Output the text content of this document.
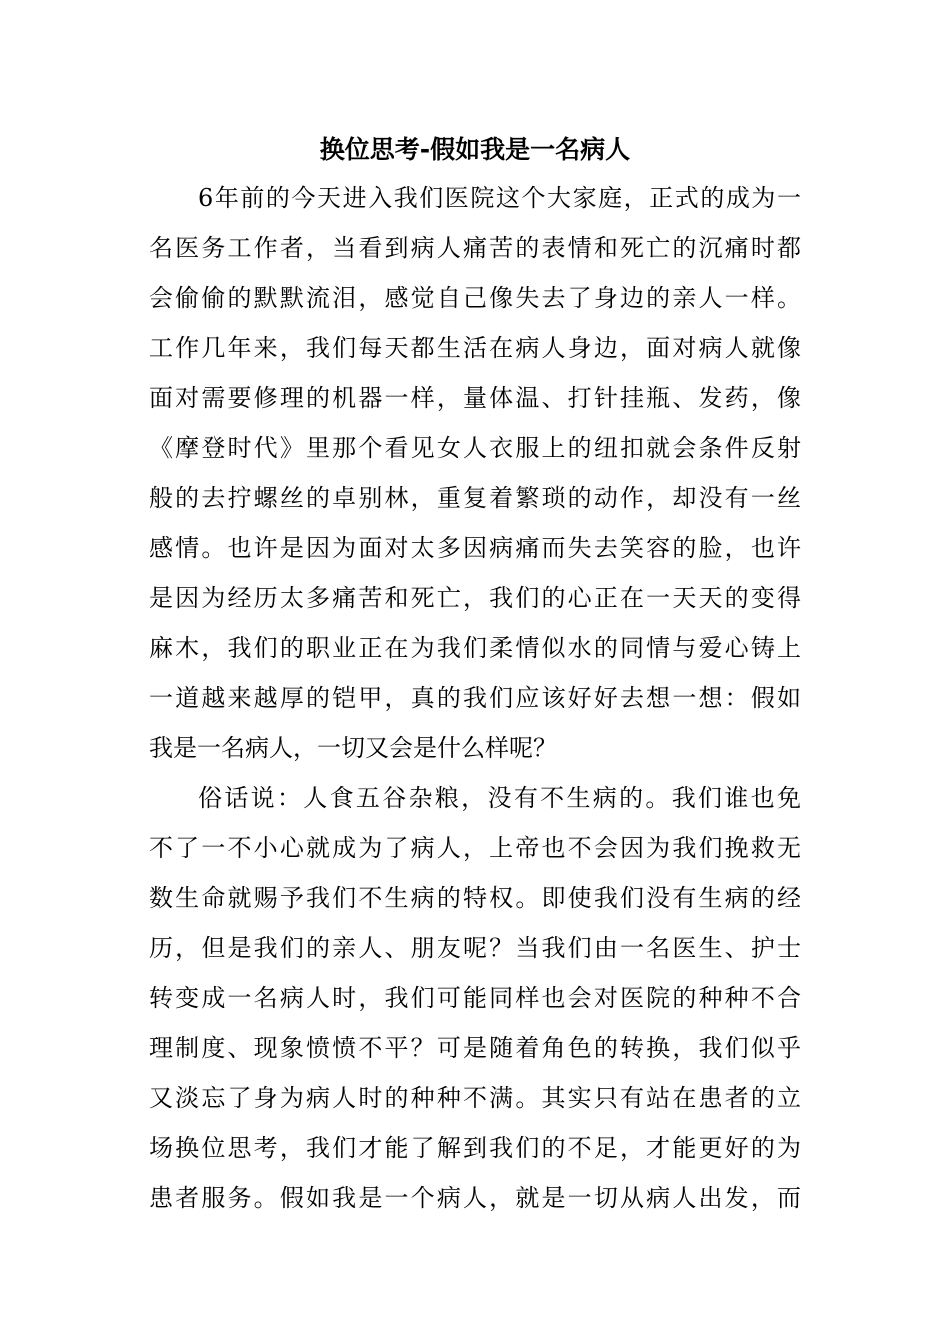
换位思考-假如我是一名病人
6年前的今天进入我们医院这个大家庭，正式的成为一
名医务工作者，当看到病人痛苦的表情和死亡的沉痛时都
会偷偷的默默流泪，感觉自己像失去了身边的亲人一样。
工作几年来，我们每天都生活在病人身边，面对病人就像
面对需要修理的机器一样，量体温、打针挂瓶、发药，像
《摩登时代》里那个看见女人衣服上的纽扣就会条件反射
般的去拧螺丝的卓别林，重复着繁琐的动作，却没有一丝
感情。也许是因为面对太多因病痛而失去笑容的脸，也许
是因为经历太多痛苦和死亡，我们的心正在一天天的变得
麻木，我们的职业正在为我们柔情似水的同情与爱心铸上
一道越来越厚的铠甲，真的我们应该好好去想一想：假如
我是一名病人，一切又会是什么样呢？
俗话说：人食五谷杂粮，没有不生病的。我们谁也免
不了一不小心就成为了病人，上帝也不会因为我们挽救无
数生命就赐予我们不生病的特权。即使我们没有生病的经
历，但是我们的亲人、朋友呢？当我们由一名医生、护士
转变成一名病人时，我们可能同样也会对医院的种种不合
理制度、现象愤愤不平？可是随着角色的转换，我们似乎
又淡忘了身为病人时的种种不满。其实只有站在患者的立
场换位思考，我们才能了解到我们的不足，才能更好的为
患者服务。假如我是一个病人，就是一切从病人出发，而
